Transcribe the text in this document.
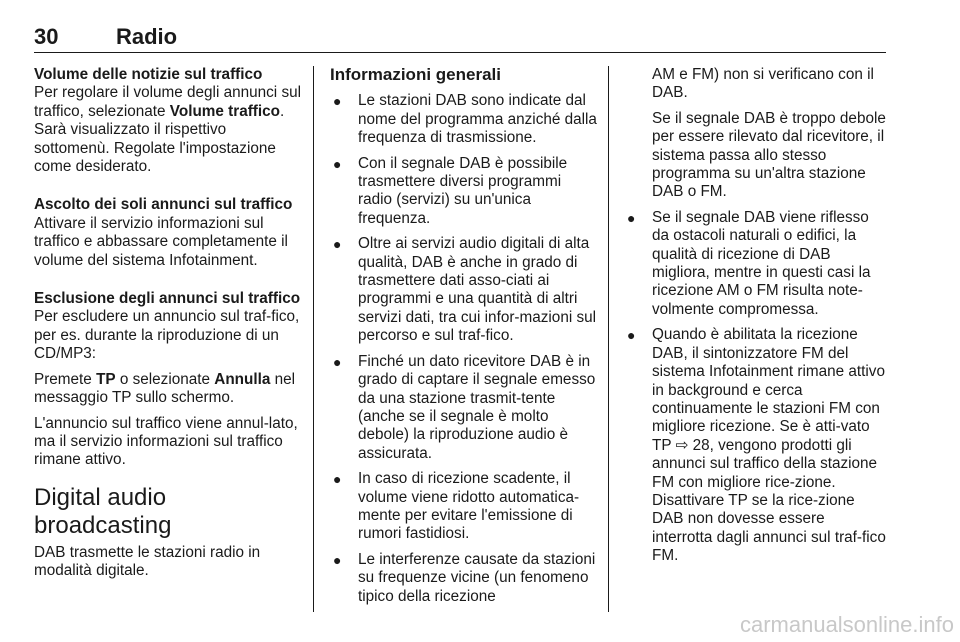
30	Radio

Volume delle notizie sul traffico

Per regolare il volume degli annunci sul traffico, selezionate Volume traffico. Sarà visualizzato il rispettivo sottomenù. Regolate l'impostazione come desiderato.

Ascolto dei soli annunci sul traffico

Attivare il servizio informazioni sul traffico e abbassare completamente il volume del sistema Infotainment.

Esclusione degli annunci sul traffico

Per escludere un annuncio sul traf-fico, per es. durante la riproduzione di un CD/MP3:

Premete TP o selezionate Annulla nel messaggio TP sullo schermo.

L'annuncio sul traffico viene annul-lato, ma il servizio informazioni sul traffico rimane attivo.

Digital audio broadcasting

DAB trasmette le stazioni radio in modalità digitale.

Informazioni generali

● Le stazioni DAB sono indicate dal nome del programma anziché dalla frequenza di trasmissione.
● Con il segnale DAB è possibile trasmettere diversi programmi radio (servizi) su un'unica frequenza.
● Oltre ai servizi audio digitali di alta qualità, DAB è anche in grado di trasmettere dati asso-ciati ai programmi e una quantità di altri servizi dati, tra cui infor-mazioni sul percorso e sul traf-fico.
● Finché un dato ricevitore DAB è in grado di captare il segnale emesso da una stazione trasmit-tente (anche se il segnale è molto debole) la riproduzione audio è assicurata.
● In caso di ricezione scadente, il volume viene ridotto automatica-mente per evitare l'emissione di rumori fastidiosi.
● Le interferenze causate da stazioni su frequenze vicine (un fenomeno tipico della ricezione

AM e FM) non si verificano con il DAB.

Se il segnale DAB è troppo debole per essere rilevato dal ricevitore, il sistema passa allo stesso programma su un'altra stazione DAB o FM.

● Se il segnale DAB viene riflesso da ostacoli naturali o edifici, la qualità di ricezione di DAB migliora, mentre in questi casi la ricezione AM o FM risulta note-volmente compromessa.
● Quando è abilitata la ricezione DAB, il sintonizzatore FM del sistema Infotainment rimane attivo in background e cerca continuamente le stazioni FM con migliore ricezione. Se è atti-vato TP ⇨ 28, vengono prodotti gli annunci sul traffico della stazione FM con migliore rice-zione. Disattivare TP se la rice-zione DAB non dovesse essere interrotta dagli annunci sul traf-fico FM.
carmanualsonline.info
